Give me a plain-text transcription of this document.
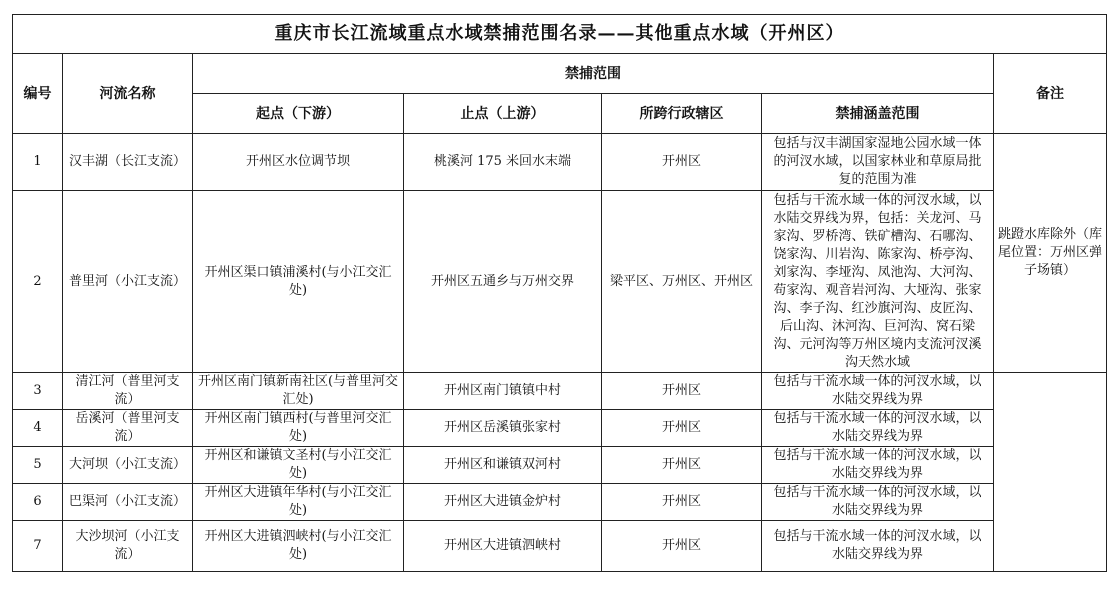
重庆市长江流域重点水域禁捕范围名录——其他重点水域（开州区）						
编号	河流名称	禁捕范围				备注
		起点（下游）	止点（上游）	所跨行政辖区	禁捕涵盖范围	
1	汉丰湖（长江支流）	开州区水位调节坝	桃溪河 175 米回水末端	开州区	包括与汉丰湖国家湿地公园水域一体的河汊水域，以国家林业和草原局批复的范围为准	跳蹬水库除外（库尾位置：万州区弹子场镇）
2	普里河（小江支流）	开州区渠口镇浦溪村(与小江交汇处)	开州区五通乡与万州交界	梁平区、万州区、开州区	包括与干流水域一体的河汊水域，以水陆交界线为界，包括：关龙河、马家沟、罗桥湾、铁矿槽沟、石哪沟、饶家沟、川岩沟、陈家沟、桥亭沟、刘家沟、李垭沟、凤池沟、大河沟、苟家沟、观音岩河沟、大垭沟、张家沟、李子沟、红沙旗河沟、皮匠沟、后山沟、沐河沟、巨河沟、窝石梁沟、元河沟等万州区境内支流河汊溪沟天然水域	
3	清江河（普里河支流）	开州区南门镇新南社区(与普里河交汇处)	开州区南门镇镇中村	开州区	包括与干流水域一体的河汊水域，以水陆交界线为界	
4	岳溪河（普里河支流）	开州区南门镇西村(与普里河交汇处)	开州区岳溪镇张家村	开州区	包括与干流水域一体的河汊水域，以水陆交界线为界	
5	大河坝（小江支流）	开州区和谦镇文圣村(与小江交汇处)	开州区和谦镇双河村	开州区	包括与干流水域一体的河汊水域，以水陆交界线为界	
6	巴渠河（小江支流）	开州区大进镇年华村(与小江交汇处)	开州区大进镇金炉村	开州区	包括与干流水域一体的河汊水域，以水陆交界线为界	
7	大沙坝河（小江支流）	开州区大进镇泗峡村(与小江交汇处)	开州区大进镇泗峡村	开州区	包括与干流水域一体的河汊水域，以水陆交界线为界	
